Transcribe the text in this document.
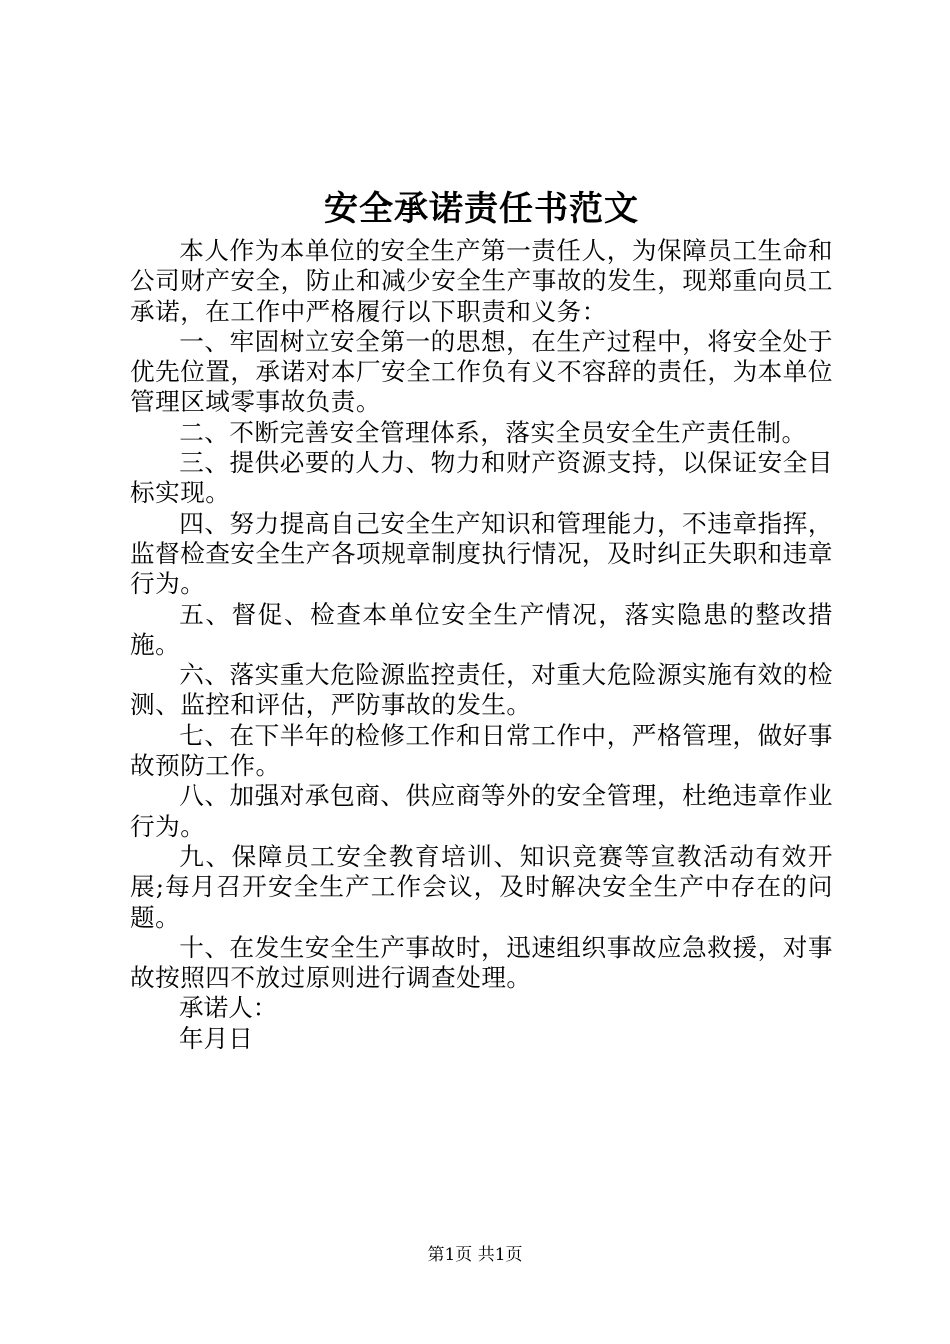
安全承诺责任书范文

本人作为本单位的安全生产第一责任人，为保障员工生命和公司财产安全，防止和减少安全生产事故的发生，现郑重向员工承诺，在工作中严格履行以下职责和义务：

一、牢固树立安全第一的思想，在生产过程中，将安全处于优先位置，承诺对本厂安全工作负有义不容辞的责任，为本单位管理区域零事故负责。

二、不断完善安全管理体系，落实全员安全生产责任制。

三、提供必要的人力、物力和财产资源支持，以保证安全目标实现。

四、努力提高自己安全生产知识和管理能力，不违章指挥，监督检查安全生产各项规章制度执行情况，及时纠正失职和违章行为。

五、督促、检查本单位安全生产情况，落实隐患的整改措施。

六、落实重大危险源监控责任，对重大危险源实施有效的检测、监控和评估，严防事故的发生。

七、在下半年的检修工作和日常工作中，严格管理，做好事故预防工作。

八、加强对承包商、供应商等外的安全管理，杜绝违章作业行为。

九、保障员工安全教育培训、知识竞赛等宣教活动有效开展;每月召开安全生产工作会议，及时解决安全生产中存在的问题。

十、在发生安全生产事故时，迅速组织事故应急救援，对事故按照四不放过原则进行调查处理。

承诺人：

年月日

第1页 共1页
